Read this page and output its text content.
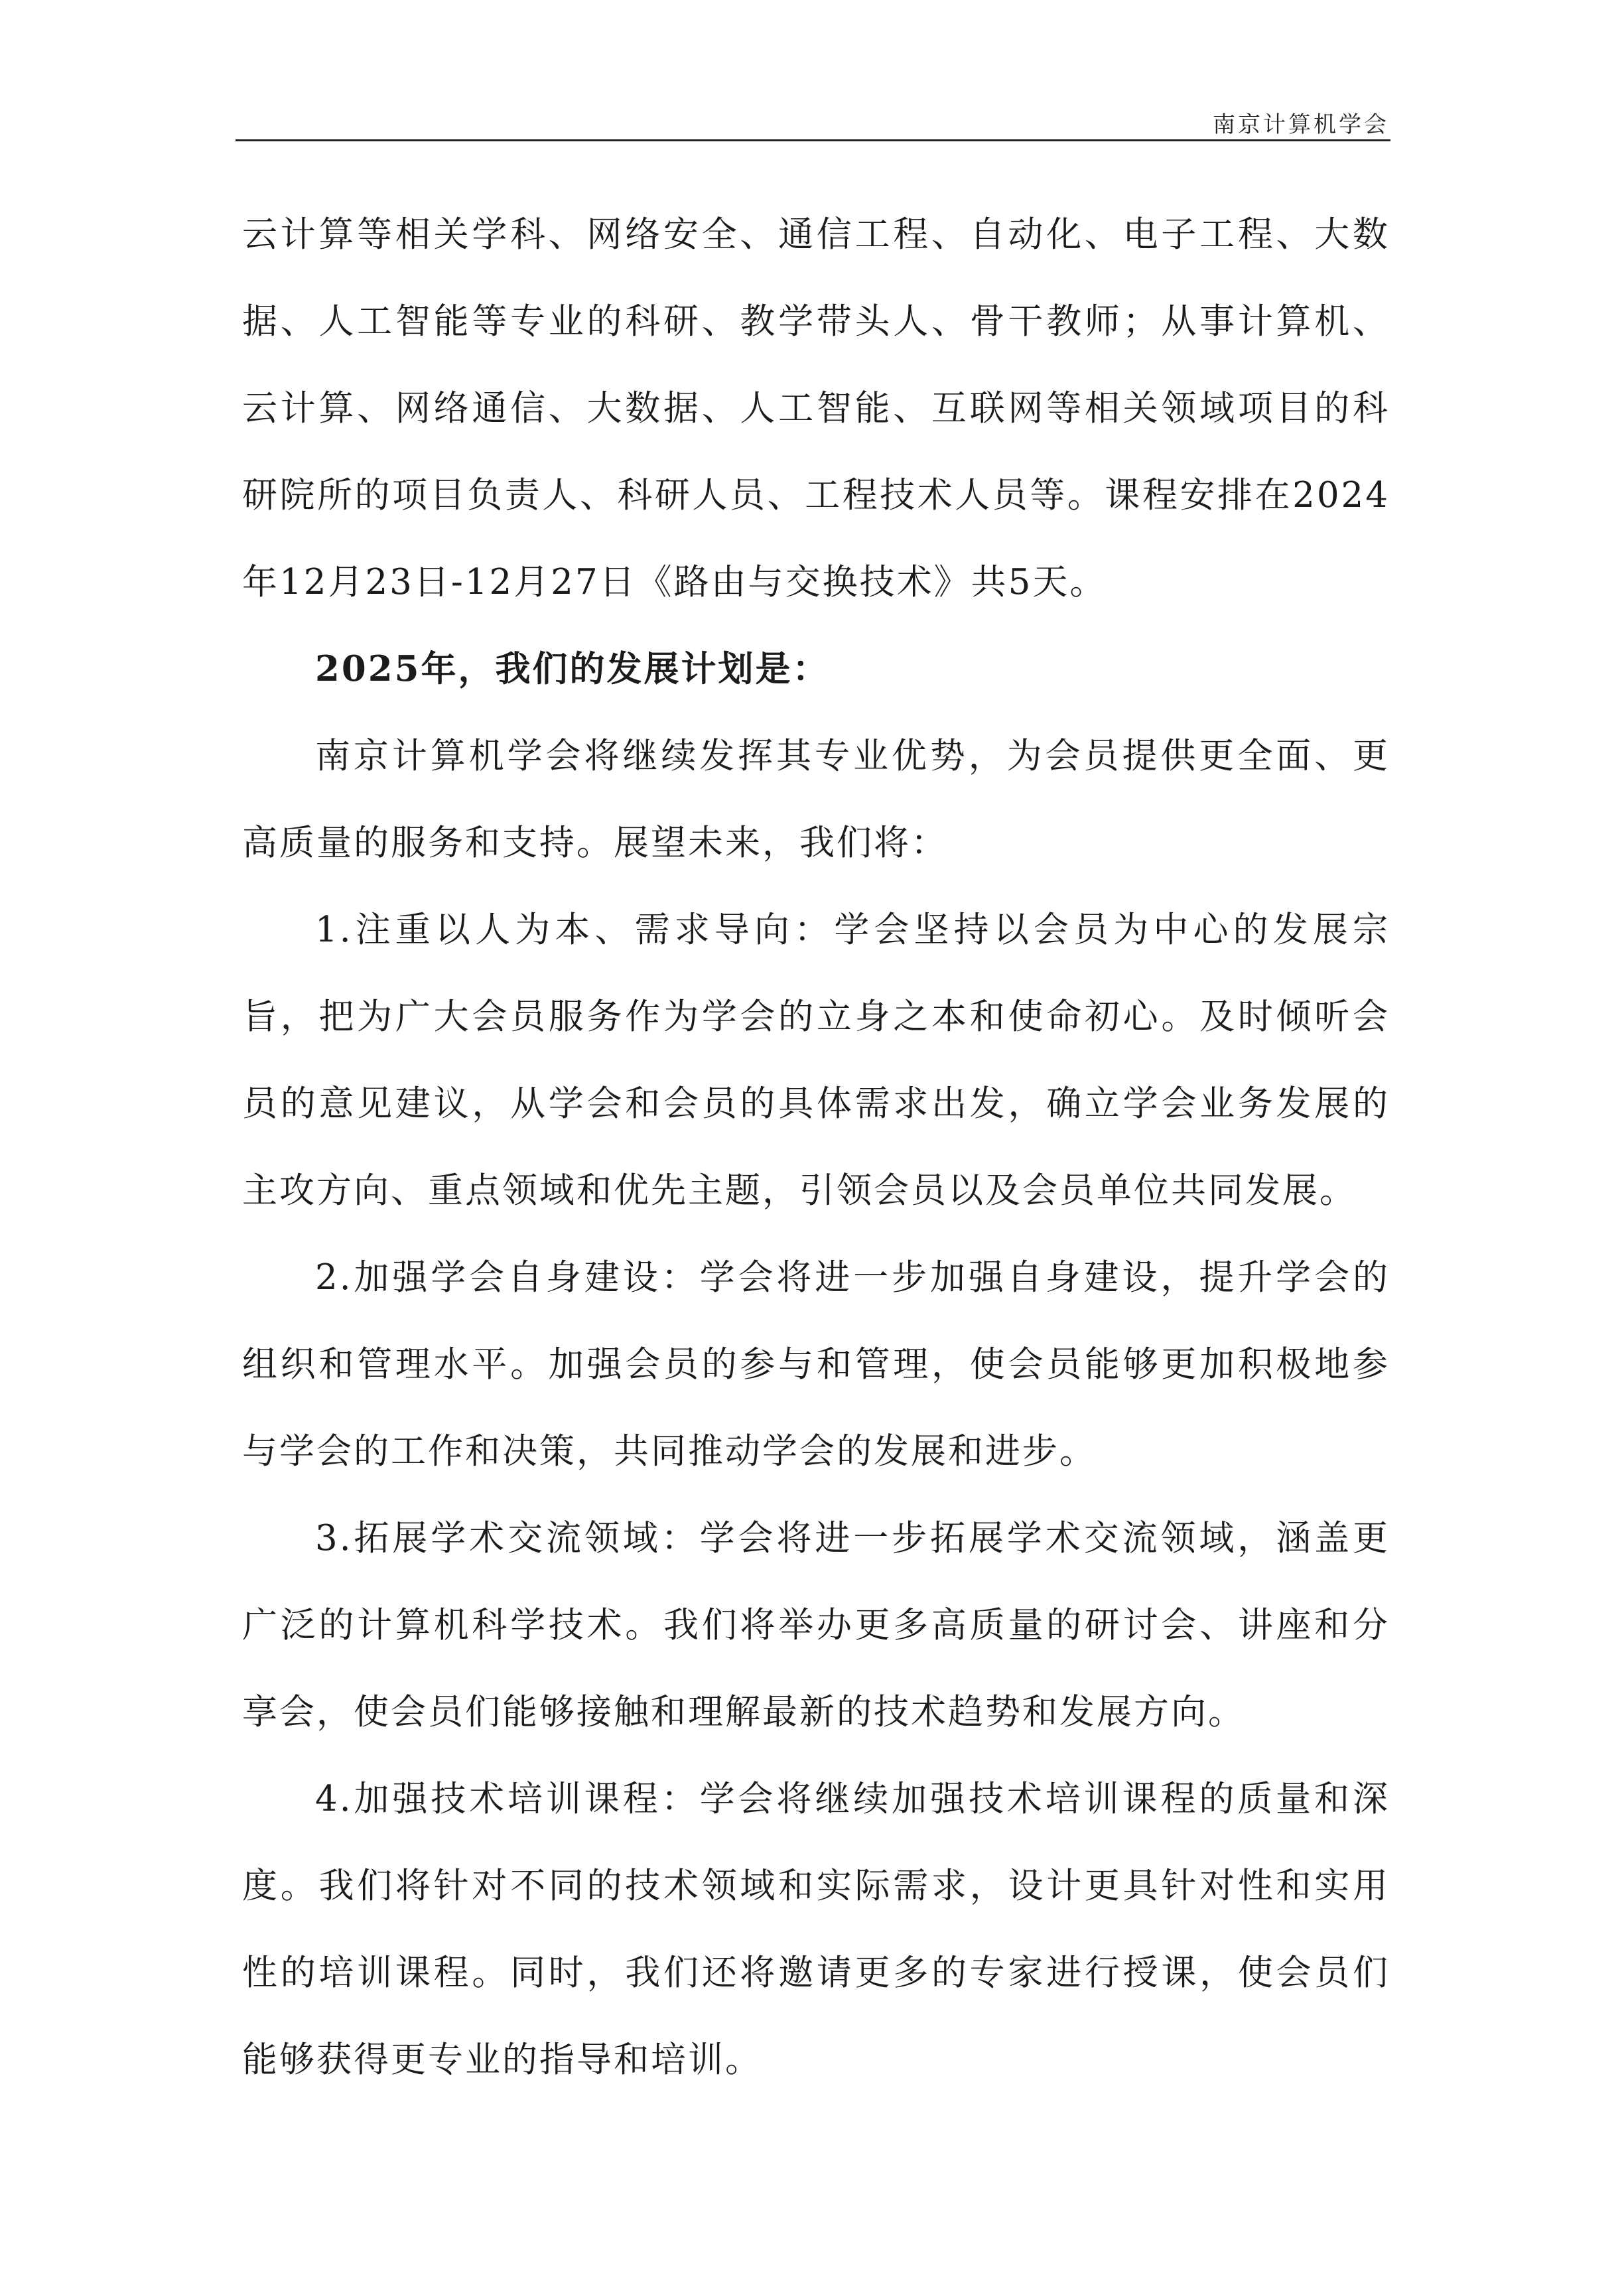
南京计算机学会

云计算等相关学科、网络安全、通信工程、自动化、电子工程、大数据、人工智能等专业的科研、教学带头人、骨干教师；从事计算机、云计算、网络通信、大数据、人工智能、互联网等相关领域项目的科研院所的项目负责人、科研人员、工程技术人员等。课程安排在2024年12月23日-12月27日《路由与交换技术》共5天。

2025年，我们的发展计划是：

南京计算机学会将继续发挥其专业优势，为会员提供更全面、更高质量的服务和支持。展望未来，我们将：

1.注重以人为本、需求导向：学会坚持以会员为中心的发展宗旨，把为广大会员服务作为学会的立身之本和使命初心。及时倾听会员的意见建议，从学会和会员的具体需求出发，确立学会业务发展的主攻方向、重点领域和优先主题，引领会员以及会员单位共同发展。

2.加强学会自身建设：学会将进一步加强自身建设，提升学会的组织和管理水平。加强会员的参与和管理，使会员能够更加积极地参与学会的工作和决策，共同推动学会的发展和进步。

3.拓展学术交流领域：学会将进一步拓展学术交流领域，涵盖更广泛的计算机科学技术。我们将举办更多高质量的研讨会、讲座和分享会，使会员们能够接触和理解最新的技术趋势和发展方向。

4.加强技术培训课程：学会将继续加强技术培训课程的质量和深度。我们将针对不同的技术领域和实际需求，设计更具针对性和实用性的培训课程。同时，我们还将邀请更多的专家进行授课，使会员们能够获得更专业的指导和培训。
